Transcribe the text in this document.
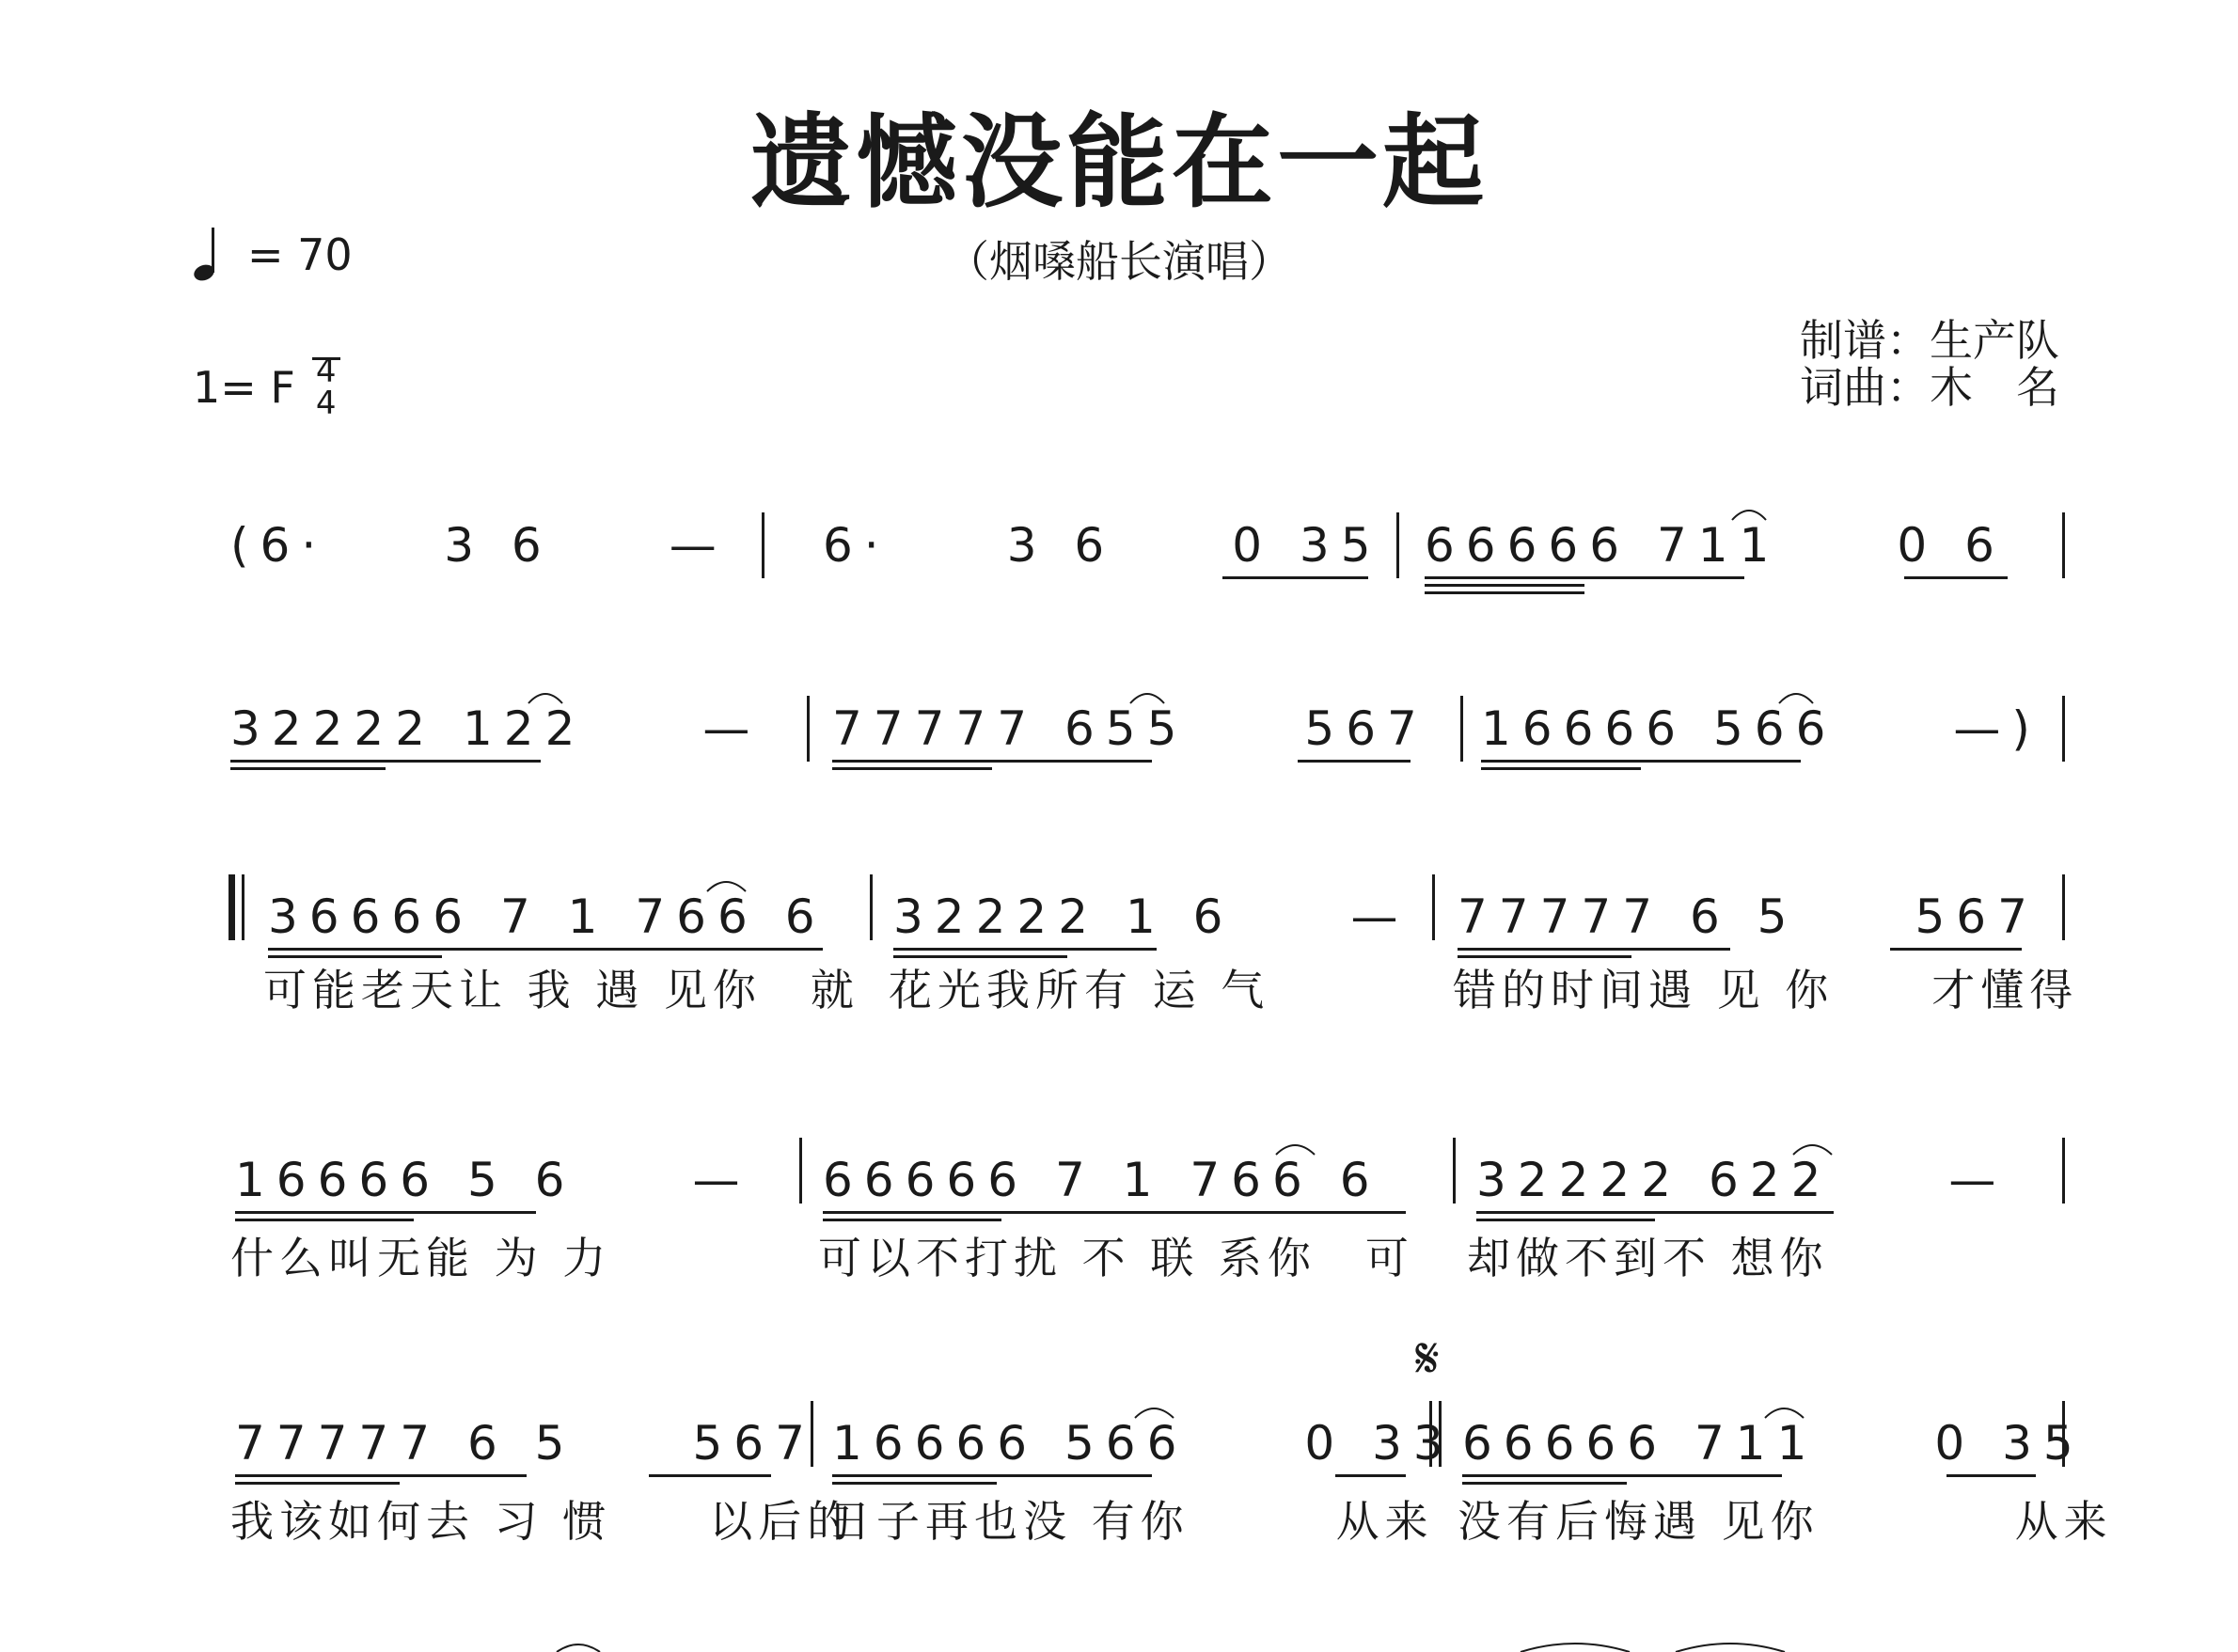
遗憾没能在一起
（烟嗓船长演唱）
= 70
1= F 4
4
制谱：生产队
词曲：木　名
(6·　　3 6　　— 6·　　3 6　　0 35 66666 711　　0 6
32222 122　　— 77777 655　　567 16666 566　　—)
36666 7 1 766 6 32222 1 6　　— 77777 6 5　　567
可能老天让 我 遇 见你　就 花光我所有 运 气	错的时间遇 见 你　　才懂得
16666 5 6　　— 66666 7 1 766 6 32222 622　　—
什么叫无能 为 力	可以不打扰 不 联 系你　可 却做不到不 想你
𝄋
77777 6 5　　567 16666 566　　0 33 66666 711　　0 35
我该如何去 习 惯　　以后的
日子再也没 有你　　　从来 没有后悔遇 见你　　　　从来
